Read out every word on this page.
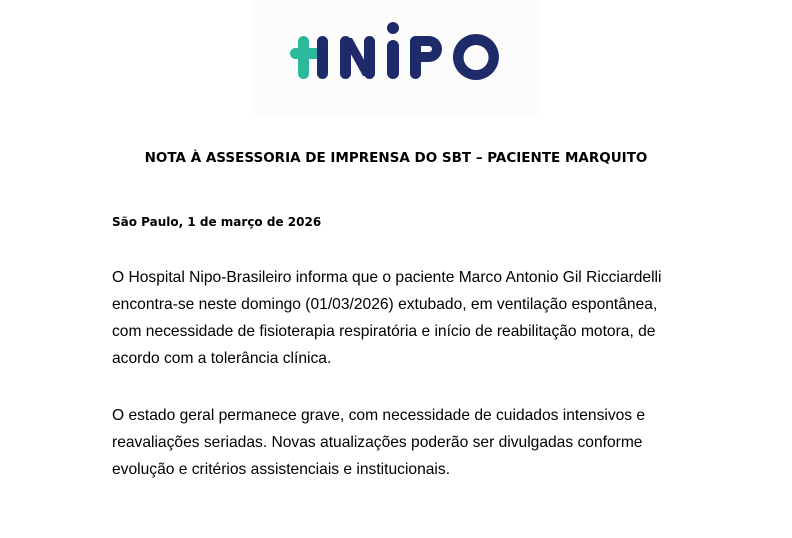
NOTA À ASSESSORIA DE IMPRENSA DO SBT – PACIENTE MARQUITO
São Paulo, 1 de março de 2026

O Hospital Nipo-Brasileiro informa que o paciente Marco Antonio Gil Ricciardelli
encontra-se neste domingo (01/03/2026) extubado, em ventilação espontânea,
com necessidade de fisioterapia respiratória e início de reabilitação motora, de
acordo com a tolerância clínica.

O estado geral permanece grave, com necessidade de cuidados intensivos e
reavaliações seriadas. Novas atualizações poderão ser divulgadas conforme
evolução e critérios assistenciais e institucionais.
